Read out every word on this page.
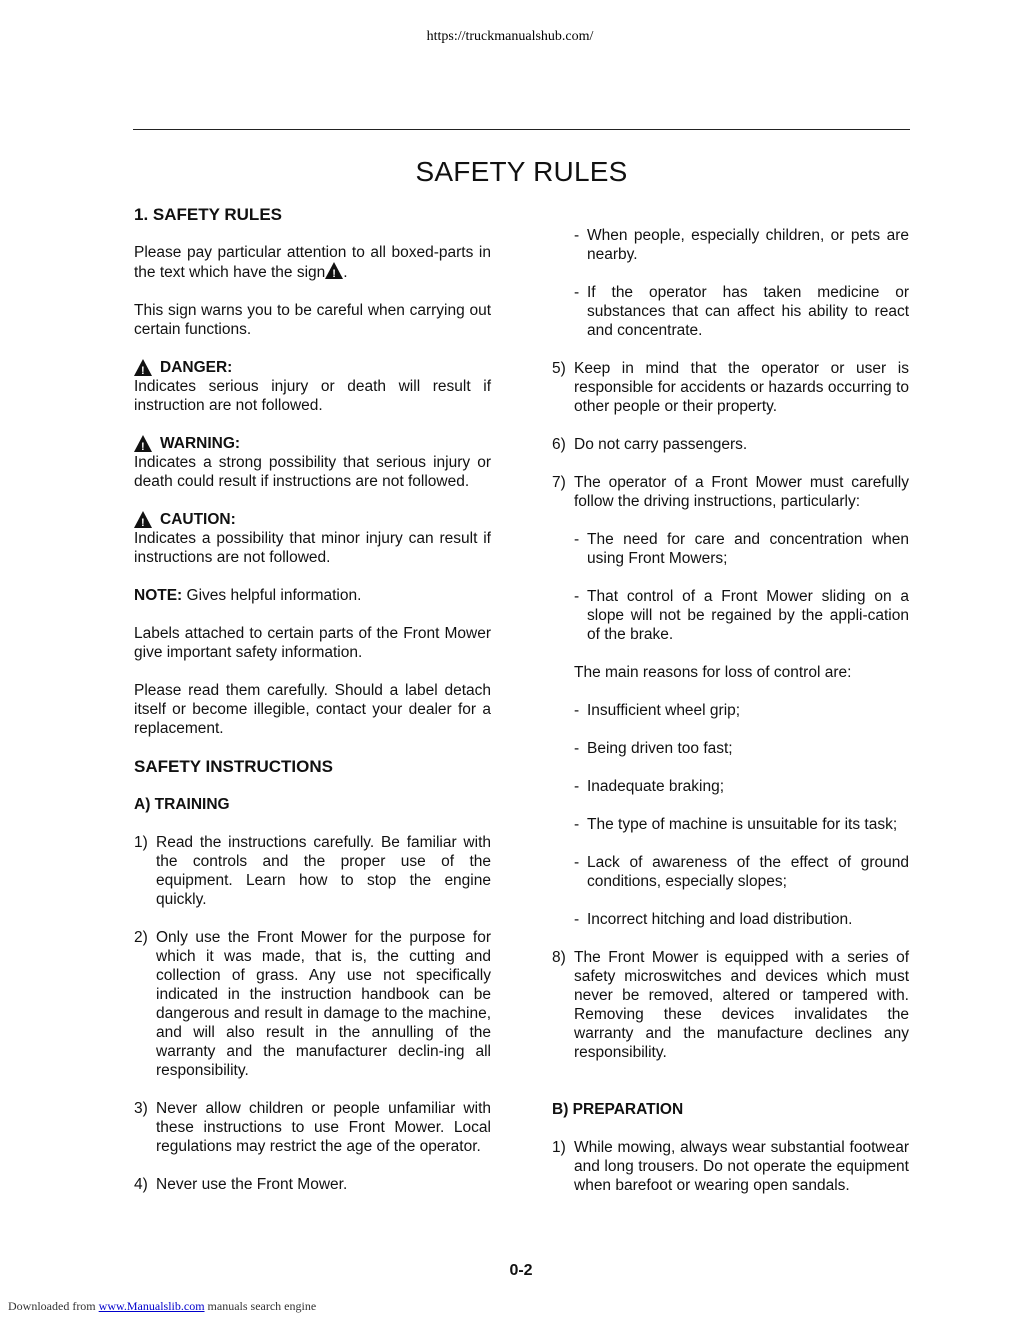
https://truckmanualshub.com/
SAFETY RULES
1. SAFETY RULES
Please pay particular attention to all boxed-parts in the text which have the sign! .
This sign warns you to be careful when carrying out certain functions.
!
DANGER:
Indicates serious injury or death will result if instruction are not followed.
!
WARNING:
Indicates a strong possibility that serious injury or death could result if instructions are not followed.
!
CAUTION:
Indicates a possibility that minor injury can result if instructions are not followed.
NOTE: Gives helpful information.
Labels attached to certain parts of the Front Mower give important safety information.
Please read them carefully. Should a label detach itself or become illegible, contact your dealer for a replacement.
SAFETY INSTRUCTIONS
A) TRAINING
1) Read the instructions carefully. Be familiar with the controls and the proper use of the equipment. Learn how to stop the engine quickly.
2) Only use the Front Mower for the purpose for which it was made, that is, the cutting and collection of grass. Any use not specifically indicated in the instruction handbook can be dangerous and result in damage to the machine, and will also result in the annulling of the warranty and the manufacturer declin-ing all responsibility.
3) Never allow children or people unfamiliar with these instructions to use Front Mower. Local regulations may restrict the age of the operator.
4) Never use the Front Mower.
- When people, especially children, or pets are nearby.
- If the operator has taken medicine or substances that can affect his ability to react and concentrate.
5) Keep in mind that the operator or user is responsible for accidents or hazards occurring to other people or their property.
6) Do not carry passengers.
7) The operator of a Front Mower must carefully follow the driving instructions, particularly:
- The need for care and concentration when using Front Mowers;
- That control of a Front Mower sliding on a slope will not be regained by the appli-cation of the brake.
The main reasons for loss of control are:
- Insufficient wheel grip;
- Being driven too fast;
- Inadequate braking;
- The type of machine is unsuitable for its task;
- Lack of awareness of the effect of ground conditions, especially slopes;
- Incorrect hitching and load distribution.
8) The Front Mower is equipped with a series of safety microswitches and devices which must never be removed, altered or tampered with. Removing these devices invalidates the warranty and the manufacture declines any responsibility.
B) PREPARATION
1) While mowing, always wear substantial footwear and long trousers. Do not operate the equipment when barefoot or wearing open sandals.
0-2
Downloaded from www.Manualslib.com manuals search engine
